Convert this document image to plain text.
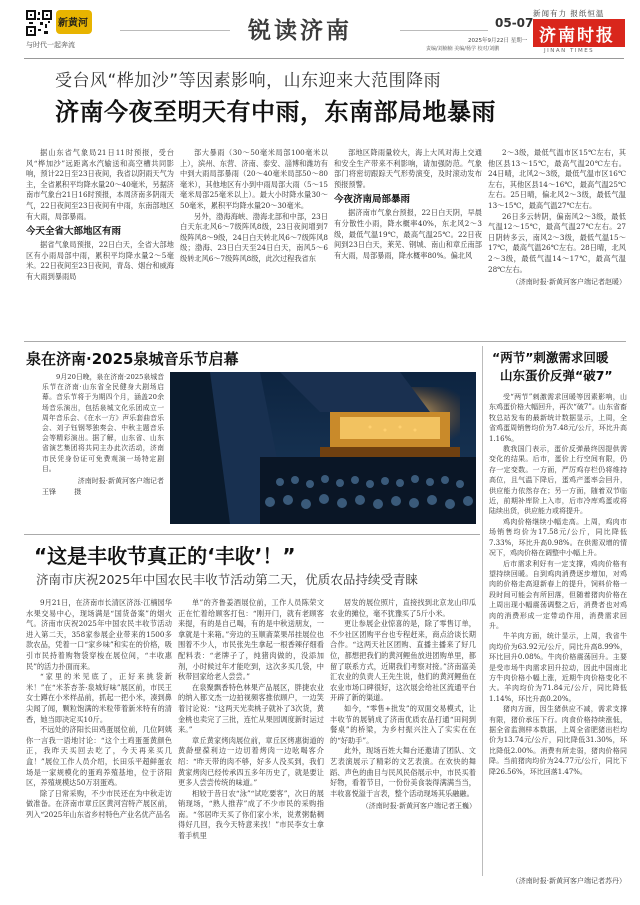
新黄河
与时代一起奔流
锐读济南	05-07
2025年9月22日 星期一
责编/刘楠楠 美编/杨学 校对/刘鹏
新闻有力 报纸恒温
济南时报
JINAN TIMES
受台风“桦加沙”等因素影响，山东迎来大范围降雨
济南今夜至明天有中雨，东南部局地暴雨

据山东省气象局21日11时预报，受台风“桦加沙”远距离水汽输送和高空槽共同影响，预计22日至23日夜间，我省以阴雨天气为主，全省累积平均降水量20～40毫米，另据济南市气象台21日16时预报，本周济南多阴雨天气，22日夜间至23日夜间有中雨，东南部地区有大雨，局部暴雨。

今天全省大部地区有雨

据省气象局预报，22日白天，全省大部地区有小雨局部中雨，累积平均降水量2～5毫米。22日夜间至23日夜间，青岛、烟台和威海有大雨到暴雨局

部大暴雨（30～50毫米局部100毫米以上），滨州、东营、济南、泰安、淄博和潍坊有中到大雨局部暴雨（20～40毫米局部50～80毫米），其他地区有小到中雨局部大雨（5～15毫米局部25毫米以上）。最大小时降水量30～50毫米，累积平均降水量20～30毫米。

另外，渤海海峡、渤海北部和中部，23日白天东北风6～7级阵风8级，23日夜间增到7级阵风8～9级，24日白天转北风6～7级阵风8级；渤海、23日白天至24日白天，南风5～6级转北风6～7级阵风8级，此次过程我省东

部地区降雨量较大，海上大风对海上交通和安全生产带来不利影响，请加强防范。气象部门将密切跟踪天气形势演变，及时滚动发布预报预警。

今夜济南局部暴雨

据济南市气象台预报，22日白天阴，早晨有分散性小雨，降水概率40%，东北风2～3级，最低气温19℃，最高气温25℃。22日夜间到23日白天，莱芜、钢城、南山和章丘南部有大雨，局部暴雨，降水概率80%。偏北风

2～3级，最低气温市区15℃左右，其他区县13～15℃，最高气温20℃左右。24日晴，北风2～3级，最低气温市区16℃左右，其他区县14～16℃，最高气温25℃左右。25日晴，偏北风2～3级，最低气温13～15℃，最高气温27℃左右。

26日多云转阴，偏南风2～3级，最低气温12～15℃，最高气温27℃左右。27日阴转多云，南风2～3级，最低气温15～17℃，最高气温26℃左右。28日晴，北风2～3级，最低气温14～17℃，最高气温28℃左右。

（济南时报·新黄河客户端记者赵暖）

泉在济南·2025泉城音乐节启幕

9月20日晚，泉在济南·2025泉城音乐节在济南·山东省全民健身大剧场启幕。音乐节将于为期四个月，涵盖20余场音乐演出，包括泉城文化乐团成立一周年音乐会、《在水一方》声乐套曲音乐会、刘子钰钢琴独奏会、中秋主题音乐会等精彩演出。据了解，山东省、山东省演艺集团将共同主办此次活动，济南市民凭身份证可免费观演一场特定剧目。

济南时报·新黄河客户端记者

王锋	摄

“两节”刺激需求回暖
山东蛋价反弹“破7”

受“两节”刺激需求回暖等因素影响，山东鸡蛋价格大幅回升，再次“破7”。山东省畜牧总站发布的最新统计数据显示，上周，全省鸡蛋周销售均价为7.48元/公斤，环比升高1.16%。

教我国门表示，蛋价反弹最终因提供需变化的结果。后市，蛋价上行空间有限，仍存一定变数。一方面，严厉鸡存栏仍将维持高位，且气温下降后，蛋鸡产蛋率会回升，供应能力依然存在；另一方面，随着双节临近，前期补库阶上入市，后市冷库鸡蛋或将陆续出货，供应能力或将提升。

鸡肉价格继续小幅走高。上周，鸡肉市场销售均价为17.58元/公斤，同比降低7.33%，环比升高0.98%。在供需双增的情况下，鸡肉价格在调整中小幅上升。

后市需求利好有一定支撑，鸡肉价格有望持续回暖。自到鸡肉消费逐步增加，对鸡肉的价格走高迎新春上的提升，饲料价格一段时间可能会有所回落，但随着猪肉价格在上周出现小幅震荡调整之后，消费者也对鸡肉的消费形成一定带动作用，消费需求回升。

牛羊肉方面，统计显示，上周，我省牛肉均价为63.92元/公斤，同比升高8.99%，环比回升0.08%。牛肉价格震荡回升。主要是受市场牛肉需求回升拉动，因此中国南北方牛肉价格小幅上涨，近期牛肉价格变化不大。羊肉均价为71.84元/公斤，同比降低1.14%，环比升高0.20%。

猪肉方面，因生猪供应不减，需求支撑有限，猪价承压下行。肉食价格持续涨低，据全省监测样本数据，上周全省肥猪出栏均价为13.74元/公斤，同比降低31.30%，环比降低2.00%。消费有所走弱，猪肉价格同降。当前猪肉均价为24.77元/公斤，同比下降26.56%，环比回落1.47%。

（济南时报·新黄河客户端记者苏丹）
“这是丰收节真正的‘丰收’！”
济南市庆祝2025年中国农民丰收节活动第二天，优质农品持续受青睐

9月21日，在济南市长清区济泺·江楠园华水果交易中心，现场满是“国货备案”的烟火气。济南市庆祝2025年中国农民丰收节活动进入第二天，358家参展企业带来的1500多款农品，凭着一口“家乡味”和实在的价格，吸引市民持着购物袋穿梭在展位间，“丰收惠民”的活力扑面而来。

“家里的米见底了，正好来挑袋新米！”在“米茶杏茶·泉城好味”展区前，市民王女士蹲在小米样品前，抓起一把小米，凑到鼻尖闻了闻，颗粒饱满的米粒带着新米特有的清香，她当即决定买10斤。

不远处的济阳长田鸡蛋展位前，几位阿姨你一言我一语地讨论：“这个土鸡蛋蛋黄颜色正，我昨天买回去吃了，今天再来买几盒！”展位工作人员介绍，长田乐平超鲜蛋农场是一家规模化的蛋鸡养殖基地，位于济阳区，养殖规模达50万羽蛋鸡。

除了日常采购，不少市民还在为中秋走访做准备。在济南市章丘区黄河宫特产展区前，列入“2025年山东省乡村特色产业名优产品名

单”的齐鲁姜酒展位前，工作人员陈荣文正在忙着给顾客打包：“刚开门，就有老顾客来提，有的是自己喝，有的是中秋送朋友，一拿就是十来箱。”旁边的玉顺斋菜果吊挂展位也围着不少人，市民张先生拿起一根香辣仔细看配料表：“老牌子了，纯猪肉做的，没添加剂，小时候过年才能吃到，这次多买几袋，中秋带回家给老人尝尝。”

在泉聚飘香特色林果产品展区，胖捷农业的纳入都文杰一边拍视频客推依顾户，一边笑着讨论说：“这两天光卖桃子就补了3次货，黄金桃也卖完了三批，连忙从果园调度新时运过来。”

章丘黄家烤肉展位前，章丘区烤惠街道的黄龄壁葆利边一边切着烤肉一边吆喝客介绍：“昨天带的肉不够，好多人没买到，我们黄家烤肉已经传承四五多年历史了，就是要让更多人尝尝传统的味道。”

相较于昔日农“泳”“试吃要客”，次日的展销现场，“熟人推荐”成了不少市民的采购指南。“邻居昨天买了你们家小米，说煮粥黏稠得好几回，我今天特意来找！”市民李女士拿着手机里

居发的展位照片，直接找到北京龙山印瓜农业的摊位，毫不犹豫买了5斤小米。

更让参展企业惊喜的是，除了零售订单，不少社区团购平台也专程赶来，商点洽谈长期合作。“这两天社区团购、直播主播来了好几位，都想把我们的黄河鲤鱼放进团购单里，都留了联系方式，近期我们考察对接。”济南富美汇农业的负责人王先生说，他们的黄河鲤鱼在农业市场口碑很好，这次展会给社区流通平台开辟了新的渠道。

如今，“零售+批发”的双面交易模式，让丰收节的展销成了济南优质农品打通“田间到餐桌”的桥梁，为乡村振兴注入了实实在在的“好助手”。

此外，现场百姓大舞台还邀请了团队、文艺表演展示了精彩的文艺表演。在欢快的舞蹈、声色的曲目与民风民俗展示中，市民买着好物，看着节目，一份份美食装得满满当当，丰收喜悦溢于言表，整个活动现场其乐融融。

（济南时报·新黄河客户端记者王巍）
